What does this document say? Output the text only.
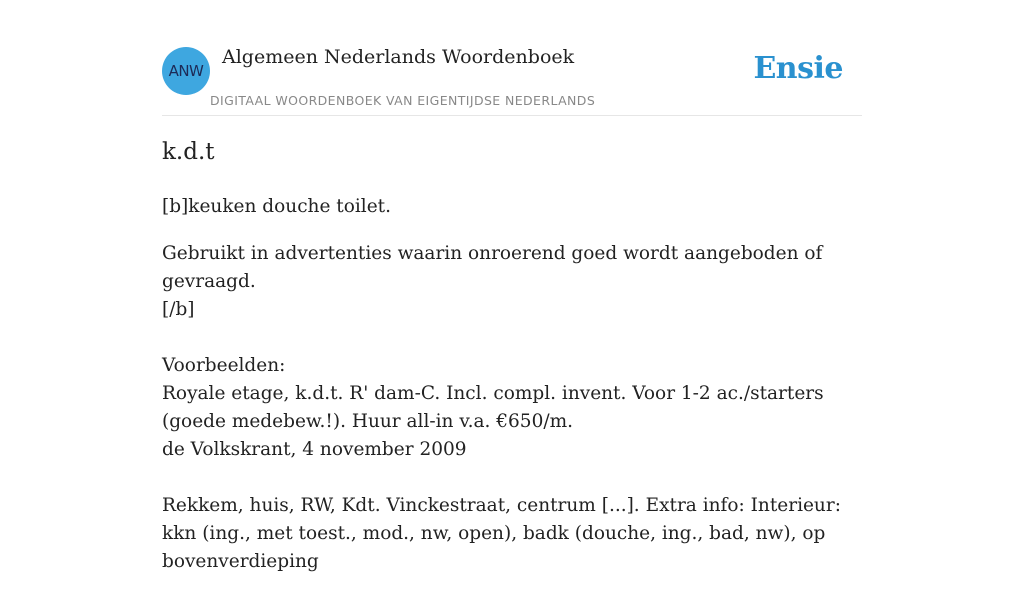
ANW
Algemeen Nederlands Woordenboek
DIGITAAL WOORDENBOEK VAN EIGENTIJDSE NEDERLANDS
Ensie
k.d.t

[b]keuken douche toilet.

Gebruikt in advertenties waarin onroerend goed wordt aangeboden of gevraagd.
[/b]

Voorbeelden:
Royale etage, k.d.t. R' dam-C. Incl. compl. invent. Voor 1-2 ac./starters (goede medebew.!). Huur all-in v.a. €650/m.
de Volkskrant, 4 november 2009

Rekkem, huis, RW, Kdt. Vinckestraat, centrum [...]. Extra info: Interieur: kkn (ing., met toest., mod., nw, open), badk (douche, ing., bad, nw), op bovenverdieping
